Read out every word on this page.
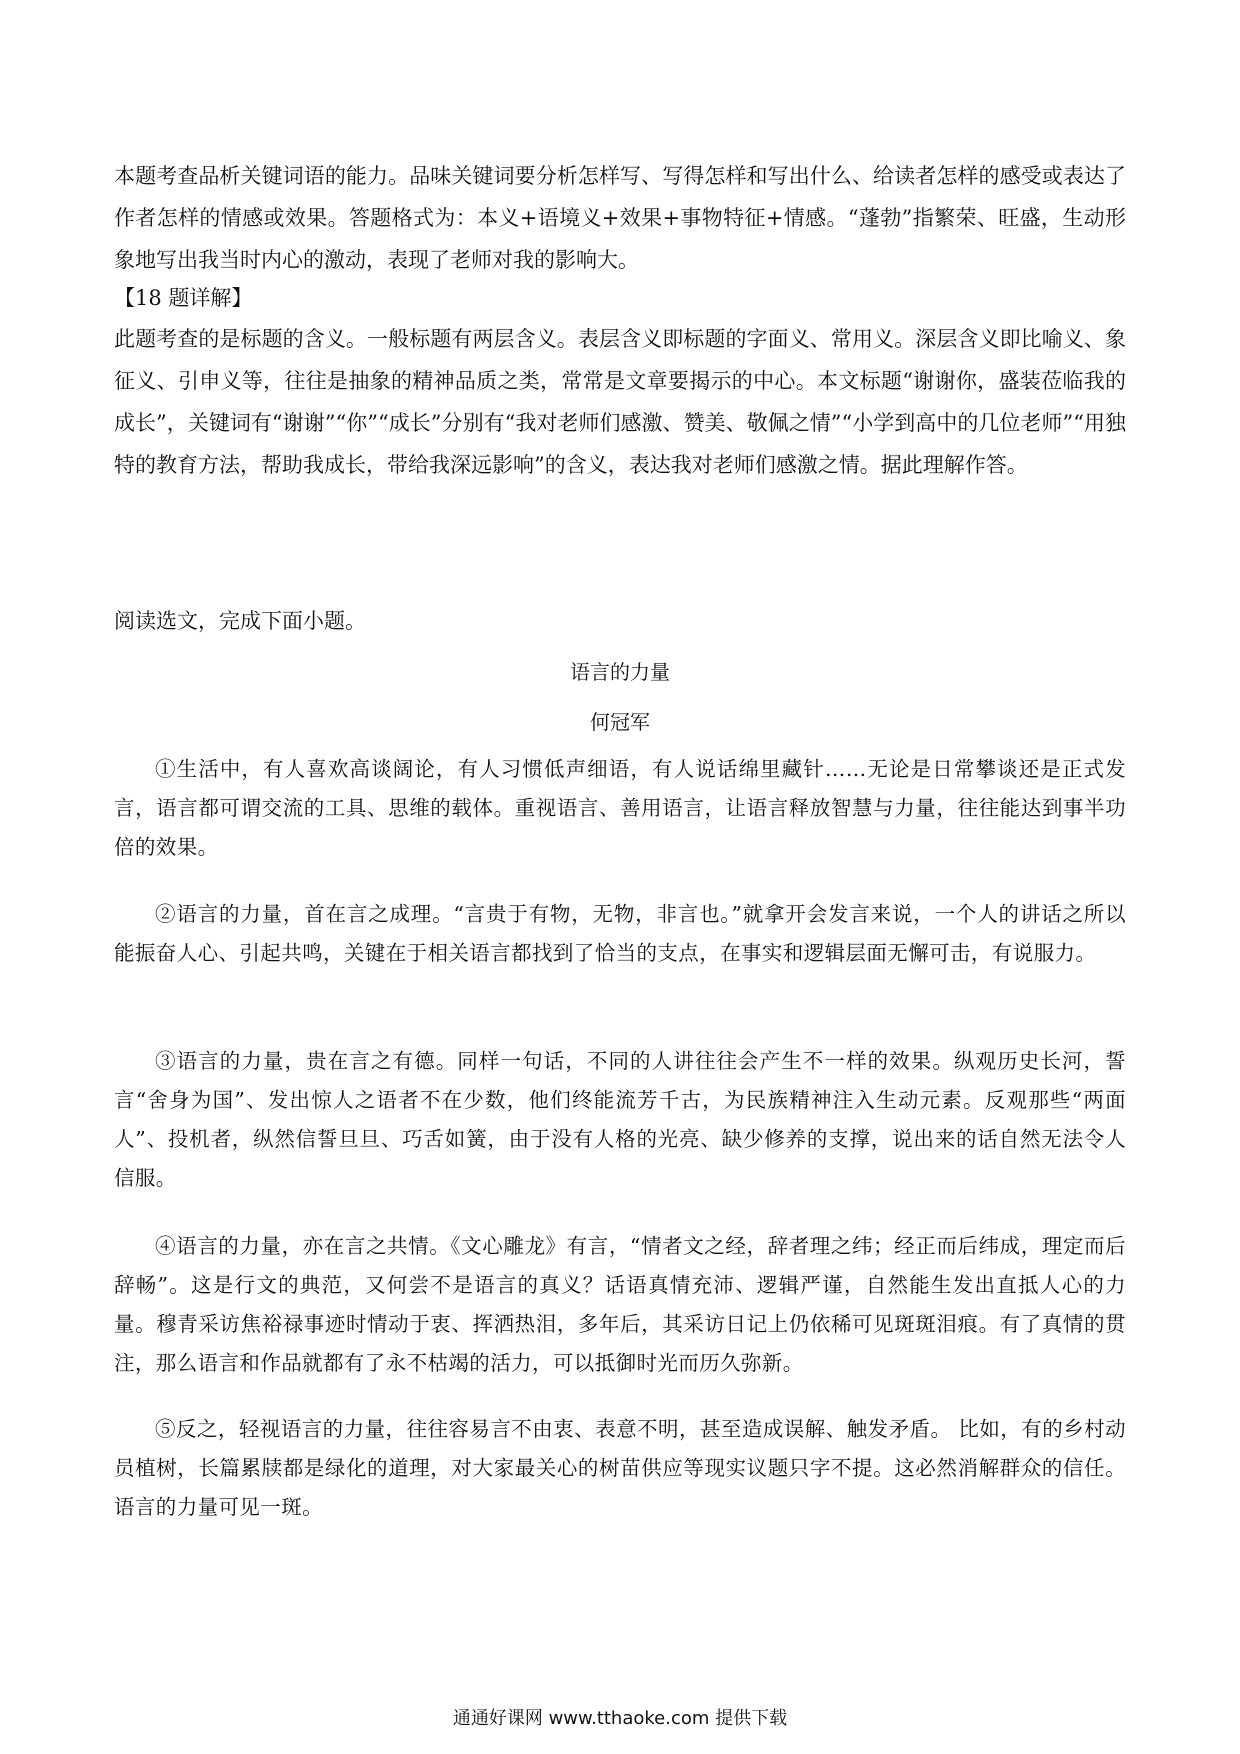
本题考查品析关键词语的能力。品味关键词要分析怎样写、写得怎样和写出什么、给读者怎样的感受或表达了作者怎样的情感或效果。答题格式为：本义+语境义+效果+事物特征+情感。“蓬勃”指繁荣、旺盛，生动形象地写出我当时内心的激动，表现了老师对我的影响大。
【18 题详解】
此题考查的是标题的含义。一般标题有两层含义。表层含义即标题的字面义、常用义。深层含义即比喻义、象征义、引申义等，往往是抽象的精神品质之类，常常是文章要揭示的中心。本文标题“谢谢你，盛装莅临我的成长”，关键词有“谢谢”“你”“成长”分别有“我对老师们感激、赞美、敬佩之情”“小学到高中的几位老师”“用独特的教育方法，帮助我成长，带给我深远影响”的含义，表达我对老师们感激之情。据此理解作答。
阅读选文，完成下面小题。
语言的力量
何冠军
①生活中，有人喜欢高谈阔论，有人习惯低声细语，有人说话绵里藏针……无论是日常攀谈还是正式发言，语言都可谓交流的工具、思维的载体。重视语言、善用语言，让语言释放智慧与力量，往往能达到事半功倍的效果。
②语言的力量，首在言之成理。“言贵于有物，无物，非言也。”就拿开会发言来说，一个人的讲话之所以能振奋人心、引起共鸣，关键在于相关语言都找到了恰当的支点，在事实和逻辑层面无懈可击，有说服力。
③语言的力量，贵在言之有德。同样一句话，不同的人讲往往会产生不一样的效果。纵观历史长河，誓言“舍身为国”、发出惊人之语者不在少数，他们终能流芳千古，为民族精神注入生动元素。反观那些“两面人”、投机者，纵然信誓旦旦、巧舌如簧，由于没有人格的光亮、缺少修养的支撑，说出来的话自然无法令人信服。
④语言的力量，亦在言之共情。《文心雕龙》有言，“情者文之经，辞者理之纬；经正而后纬成，理定而后辞畅”。这是行文的典范，又何尝不是语言的真义？话语真情充沛、逻辑严谨，自然能生发出直抵人心的力量。穆青采访焦裕禄事迹时情动于衷、挥洒热泪，多年后，其采访日记上仍依稀可见斑斑泪痕。有了真情的贯注，那么语言和作品就都有了永不枯竭的活力，可以抵御时光而历久弥新。
⑤反之，轻视语言的力量，往往容易言不由衷、表意不明，甚至造成误解、触发矛盾。 比如，有的乡村动员植树，长篇累牍都是绿化的道理，对大家最关心的树苗供应等现实议题只字不提。这必然消解群众的信任。语言的力量可见一斑。
通通好课网 www.tthaoke.com 提供下载
